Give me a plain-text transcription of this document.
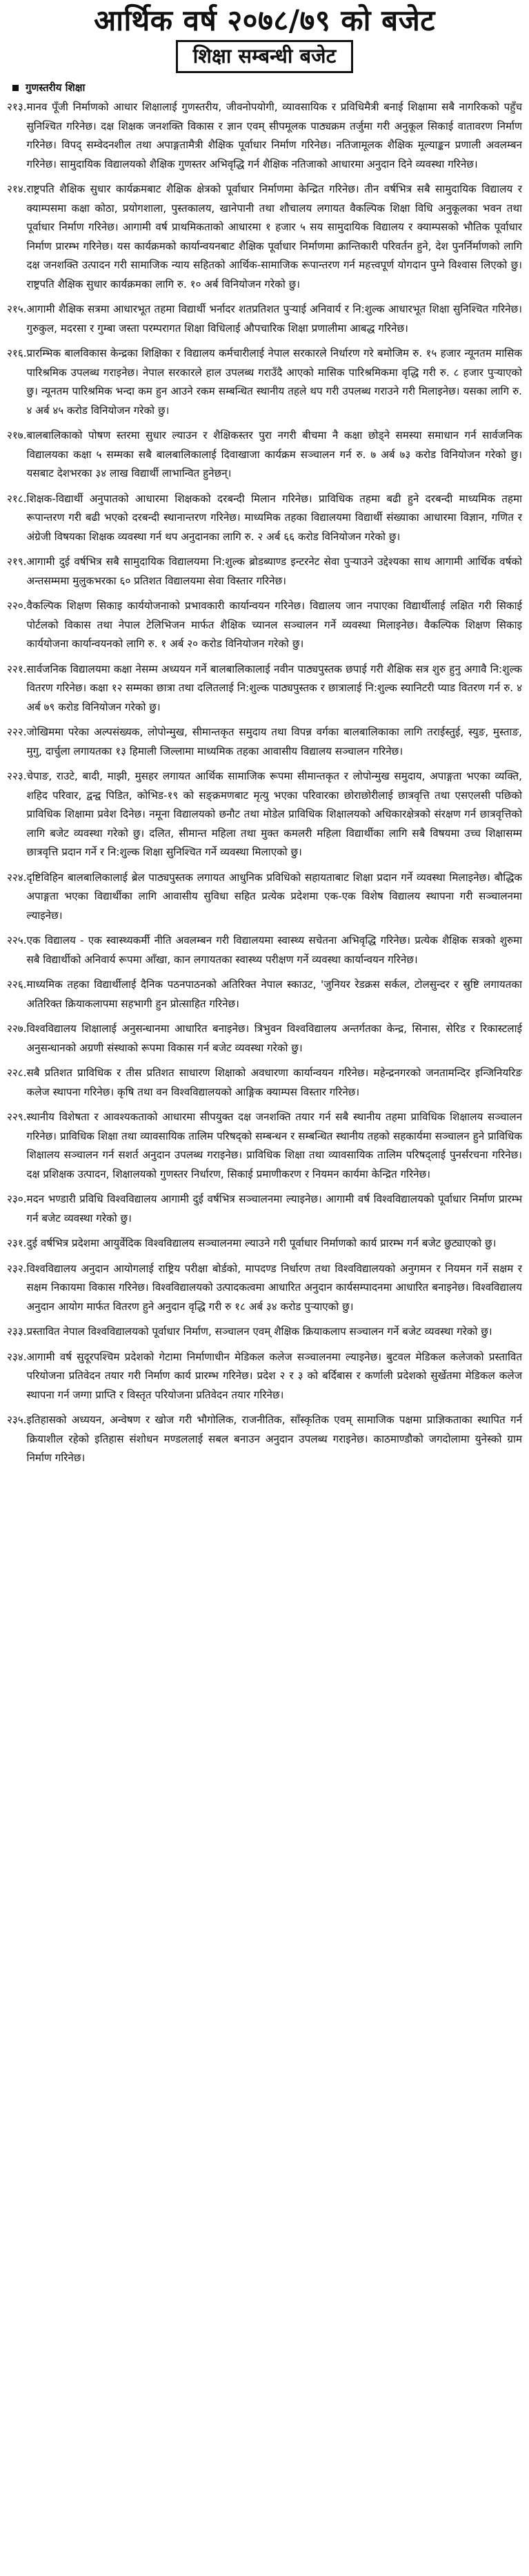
आर्थिक वर्ष २०७८/७९ को बजेट
शिक्षा सम्बन्धी बजेट
गुणस्तरीय शिक्षा
२१३. मानव पूँजी निर्माणको आधार शिक्षालाई गुणस्तरीय, जीवनोपयोगी, व्यावसायिक र प्रविधिमैत्री बनाई शिक्षामा सबै नागरिकको पहुँच सुनिश्चित गरिनेछ। दक्ष शिक्षक जनशक्ति विकास र ज्ञान एवम् सीपमूलक पाठ्यक्रम तर्जुमा गरी अनुकूल सिकाई वातावरण निर्माण गरिनेछ। विपद् सम्वेदनशील तथा अपाङ्गतामैत्री शैक्षिक पूर्वाधार निर्माण गरिनेछ। नतिजामूलक शैक्षिक मूल्याङ्कन प्रणाली अवलम्बन गरिनेछ। सामुदायिक विद्यालयको शैक्षिक गुणस्तर अभिवृद्धि गर्न शैक्षिक नतिजाको आधारमा अनुदान दिने व्यवस्था गरिनेछ।
२१४. राष्ट्रपति शैक्षिक सुधार कार्यक्रमबाट शैक्षिक क्षेत्रको पूर्वाधार निर्माणमा केन्द्रित गरिनेछ। तीन वर्षभित्र सबै सामुदायिक विद्यालय र क्याम्पसमा कक्षा कोठा, प्रयोगशाला, पुस्तकालय, खानेपानी तथा शौचालय लगायत वैकल्पिक शिक्षा विधि अनुकूलका भवन तथा पूर्वाधार निर्माण गरिनेछ। आगामी वर्ष प्राथमिकताको आधारमा १ हजार ५ सय सामुदायिक विद्यालय र क्याम्पसको भौतिक पूर्वाधार निर्माण प्रारम्भ गरिनेछ। यस कार्यक्रमको कार्यान्वयनबाट शैक्षिक पूर्वाधार निर्माणमा क्रान्तिकारी परिवर्तन हुने, देश पुनर्निर्माणको लागि दक्ष जनशक्ति उत्पादन गरी सामाजिक न्याय सहितको आर्थिक-सामाजिक रूपान्तरण गर्न महत्त्वपूर्ण योगदान पुग्ने विश्वास लिएको छु। राष्ट्रपति शैक्षिक सुधार कार्यक्रमका लागि रु. १० अर्ब विनियोजन गरेको छु।
२१५. आगामी शैक्षिक सत्रमा आधारभूत तहमा विद्यार्थी भर्नादर शतप्रतिशत पुऱ्याई अनिवार्य र नि:शुल्क आधारभूत शिक्षा सुनिश्चित गरिनेछ। गुरुकुल, मदरसा र गुम्बा जस्ता परम्परागत शिक्षा विधिलाई औपचारिक शिक्षा प्रणालीमा आबद्ध गरिनेछ।
२१६. प्रारम्भिक बालविकास केन्द्रका शिक्षिका र विद्यालय कर्मचारीलाई नेपाल सरकारले निर्धारण गरे बमोजिम रु. १५ हजार न्यूनतम मासिक पारिश्रमिक उपलब्ध गराइनेछ। नेपाल सरकारले हाल उपलब्ध गराउँदै आएको मासिक पारिश्रमिकमा वृद्धि गरी रु. ८ हजार पुऱ्याएको छु। न्यूनतम पारिश्रमिक भन्दा कम हुन आउने रकम सम्बन्धित स्थानीय तहले थप गरी उपलब्ध गराउने गरी मिलाइनेछ। यसका लागि रु. ४ अर्ब ४५ करोड विनियोजन गरेको छु।
२१७. बालबालिकाको पोषण स्तरमा सुधार ल्याउन र शैक्षिकस्तर पुरा नगरी बीचमा नै कक्षा छोड्ने समस्या समाधान गर्न सार्वजनिक विद्यालयका कक्षा ५ सम्मका सबै बालबालिकालाई दिवाखाजा कार्यक्रम सञ्चालन गर्न रु. ७ अर्ब ७३ करोड विनियोजन गरेको छु। यसबाट देशभरका ३४ लाख विद्यार्थी लाभान्वित हुनेछन्।
२१८. शिक्षक-विद्यार्थी अनुपातको आधारमा शिक्षकको दरबन्दी मिलान गरिनेछ। प्राविधिक तहमा बढी हुने दरबन्दी माध्यमिक तहमा रूपान्तरण गरी बढी भएको दरबन्दी स्थानान्तरण गरिनेछ। माध्यमिक तहका विद्यालयमा विद्यार्थी संख्याका आधारमा विज्ञान, गणित र अंग्रेजी विषयका शिक्षक व्यवस्था गर्न थप अनुदानका लागि रु. २ अर्ब ६६ करोड विनियोजन गरेको छु।
२१९. आगामी दुई वर्षभित्र सबै सामुदायिक विद्यालयमा नि:शुल्क ब्रोडब्याण्ड इन्टरनेट सेवा पुऱ्याउने उद्देश्यका साथ आगामी आर्थिक वर्षको अन्तसम्ममा मुलुकभरका ६० प्रतिशत विद्यालयमा सेवा विस्तार गरिनेछ।
२२०. वैकल्पिक शिक्षण सिकाइ कार्ययोजनाको प्रभावकारी कार्यान्वयन गरिनेछ। विद्यालय जान नपाएका विद्यार्थीलाई लक्षित गरी सिकाई पोर्टलको विकास तथा नेपाल टेलिभिजन मार्फत शैक्षिक च्यानल सञ्चालन गर्ने व्यवस्था मिलाइनेछ। वैकल्पिक शिक्षण सिकाइ कार्ययोजना कार्यान्वयनको लागि रु. १ अर्ब २० करोड विनियोजन गरेको छु।
२२१. सार्वजनिक विद्यालयमा कक्षा नेसम्म अध्ययन गर्ने बालबालिकालाई नवीन पाठ्यपुस्तक छपाई गरी शैक्षिक सत्र शुरु हुनु अगावै नि:शुल्क वितरण गरिनेछ। कक्षा १२ सम्मका छात्रा तथा दलितलाई नि:शुल्क पाठ्यपुस्तक र छात्रालाई नि:शुल्क स्यानिटरी प्याड वितरण गर्न रु. ४ अर्ब ७९ करोड विनियोजन गरेको छु।
२२२. जोखिममा परेका अल्पसंख्यक, लोपोन्मुख, सीमान्तकृत समुदाय तथा विपन्न वर्गका बालबालिकाका लागि तराईस्तुई, स्युङ, मुस्ताङ, मुगु, दार्चुला लगायतका १३ हिमाली जिल्लामा माध्यमिक तहका आवासीय विद्यालय सञ्चालन गरिनेछ।
२२३. चेपाङ, राउटे, बादी, माझी, मुसहर लगायत आर्थिक सामाजिक रूपमा सीमान्तकृत र लोपोन्मुख समुदाय, अपाङ्गता भएका व्यक्ति, शहिद परिवार, द्वन्द्व पिडित, कोभिड-१९ को सङ्क्रमणबाट मृत्यु भएका परिवारका छोराछोरीलाई छात्रवृत्ति तथा एसएलसी पछिको प्राविधिक शिक्षामा प्रवेश दिनेछ। नमूना विद्यालयको छनौट तथा मोडेल प्राविधिक शिक्षालयको अधिकारक्षेत्रको संरक्षण गर्न छात्रवृत्तिको लागि बजेट व्यवस्था गरेको छु। दलित, सीमान्त महिला तथा मुक्त कमलरी महिला विद्यार्थीका लागि सबै विषयमा उच्च शिक्षासम्म छात्रवृत्ति प्रदान गर्ने र नि:शुल्क शिक्षा सुनिश्चित गर्ने व्यवस्था मिलाएको छु।
२२४. दृष्टिविहिन बालबालिकालाई ब्रेल पाठ्यपुस्तक लगायत आधुनिक प्रविधिको सहायताबाट शिक्षा प्रदान गर्ने व्यवस्था मिलाइनेछ। बौद्धिक अपाङ्गता भएका विद्यार्थीका लागि आवासीय सुविधा सहित प्रत्येक प्रदेशमा एक-एक विशेष विद्यालय स्थापना गरी सञ्चालनमा ल्याइनेछ।
२२५. एक विद्यालय - एक स्वास्थ्यकर्मी नीति अवलम्बन गरी विद्यालयमा स्वास्थ्य सचेतना अभिवृद्धि गरिनेछ। प्रत्येक शैक्षिक सत्रको शुरुमा सबै विद्यार्थीको अनिवार्य रूपमा आँखा, कान लगायतका स्वास्थ्य परीक्षण गर्ने व्यवस्था कार्यान्वयन गरिनेछ।
२२६. माध्यमिक तहका विद्यार्थीलाई दैनिक पठनपाठनको अतिरिक्त नेपाल स्काउट, 'जुनियर रेडक्रस सर्कल, टोलसुन्दर र स्रुष्टि लगायतका अतिरिक्त क्रियाकलापमा सहभागी हुन प्रोत्साहित गरिनेछ।
२२७. विश्वविद्यालय शिक्षालाई अनुसन्धानमा आधारित बनाइनेछ। त्रिभुवन विश्वविद्यालय अन्तर्गतका केन्द्र, सिनास, सेरिड र रिकास्टलाई अनुसन्धानको अग्रणी संस्थाको रूपमा विकास गर्न बजेट व्यवस्था गरेको छु।
२२८. सबै प्रतिशत प्राविधिक र तीस प्रतिशत साधारण शिक्षाको अवधारणा कार्यान्वयन गरिनेछ। महेन्द्रनगरको जनतामन्दिर इन्जिनियरिङ कलेज स्थापना गरिनेछ। कृषि तथा वन विश्वविद्यालयको आङ्गिक क्याम्पस विस्तार गरिनेछ।
२२९. स्थानीय विशेषता र आवश्यकताको आधारमा सीपयुक्त दक्ष जनशक्ति तयार गर्न सबै स्थानीय तहमा प्राविधिक शिक्षालय सञ्चालन गरिनेछ। प्राविधिक शिक्षा तथा व्यावसायिक तालिम परिषद्को सम्बन्धन र सम्बन्धित स्थानीय तहको सहकार्यमा सञ्चालन हुने प्राविधिक शिक्षालय सञ्चालन गर्न सशर्त अनुदान उपलब्ध गराइनेछ। प्राविधिक शिक्षा तथा व्यावसायिक तालिम परिषद्लाई पुनर्संरचना गरिनेछ। दक्ष प्रशिक्षक उत्पादन, शिक्षालयको गुणस्तर निर्धारण, सिकाई प्रमाणीकरण र नियमन कार्यमा केन्द्रित गरिनेछ।
२३०. मदन भण्डारी प्रविधि विश्वविद्यालय आगामी दुई वर्षभित्र सञ्चालनमा ल्याइनेछ। आगामी वर्ष विश्वविद्यालयको पूर्वाधार निर्माण प्रारम्भ गर्न बजेट व्यवस्था गरेको छु।
२३१. दुई वर्षभित्र प्रदेशमा आयुर्वेदिक विश्वविद्यालय सञ्चालनमा ल्याउने गरी पूर्वाधार निर्माणको कार्य प्रारम्भ गर्न बजेट छुट्याएको छु।
२३२. विश्वविद्यालय अनुदान आयोगलाई राष्ट्रिय परीक्षा बोर्डको, मापदण्ड निर्धारण तथा विश्वविद्यालयको अनुगमन र नियमन गर्ने सक्षम र सक्षम निकायमा विकास गरिनेछ। विश्वविद्यालयको उत्पादकत्वमा आधारित अनुदान कार्यसम्पादनमा आधारित बनाइनेछ। विश्वविद्यालय अनुदान आयोग मार्फत वितरण हुने अनुदान वृद्धि गरी रु १८ अर्ब ३४ करोड पुऱ्याएको छु।
२३३. प्रस्तावित नेपाल विश्वविद्यालयको पूर्वाधार निर्माण, सञ्चालन एवम् शैक्षिक क्रियाकलाप सञ्चालन गर्ने बजेट व्यवस्था गरेको छु।
२३४. आगामी वर्ष सुदूरपश्चिम प्रदेशको गेटामा निर्माणाधीन मेडिकल कलेज सञ्चालनमा ल्याइनेछ। बुटवल मेडिकल कलेजको प्रस्तावित परियोजना प्रतिवेदन तयार गरी निर्माण कार्य प्रारम्भ गरिनेछ। प्रदेश २ र ३ को बर्दिबास र कर्णाली प्रदेशको सुर्खेतमा मेडिकल कलेज स्थापना गर्न जग्गा प्राप्ति र विस्तृत परियोजना प्रतिवेदन तयार गरिनेछ।
२३५. इतिहासको अध्ययन, अन्वेषण र खोज गरी भौगोलिक, राजनीतिक, साँस्कृतिक एवम् सामाजिक पक्षमा प्राज्ञिकताका स्थापित गर्न क्रियाशील रहेको इतिहास संशोधन मण्डललाई सबल बनाउन अनुदान उपलब्ध गराइनेछ। काठमाण्डौको जगदोलामा युनेस्को ग्राम निर्माण गरिनेछ।
